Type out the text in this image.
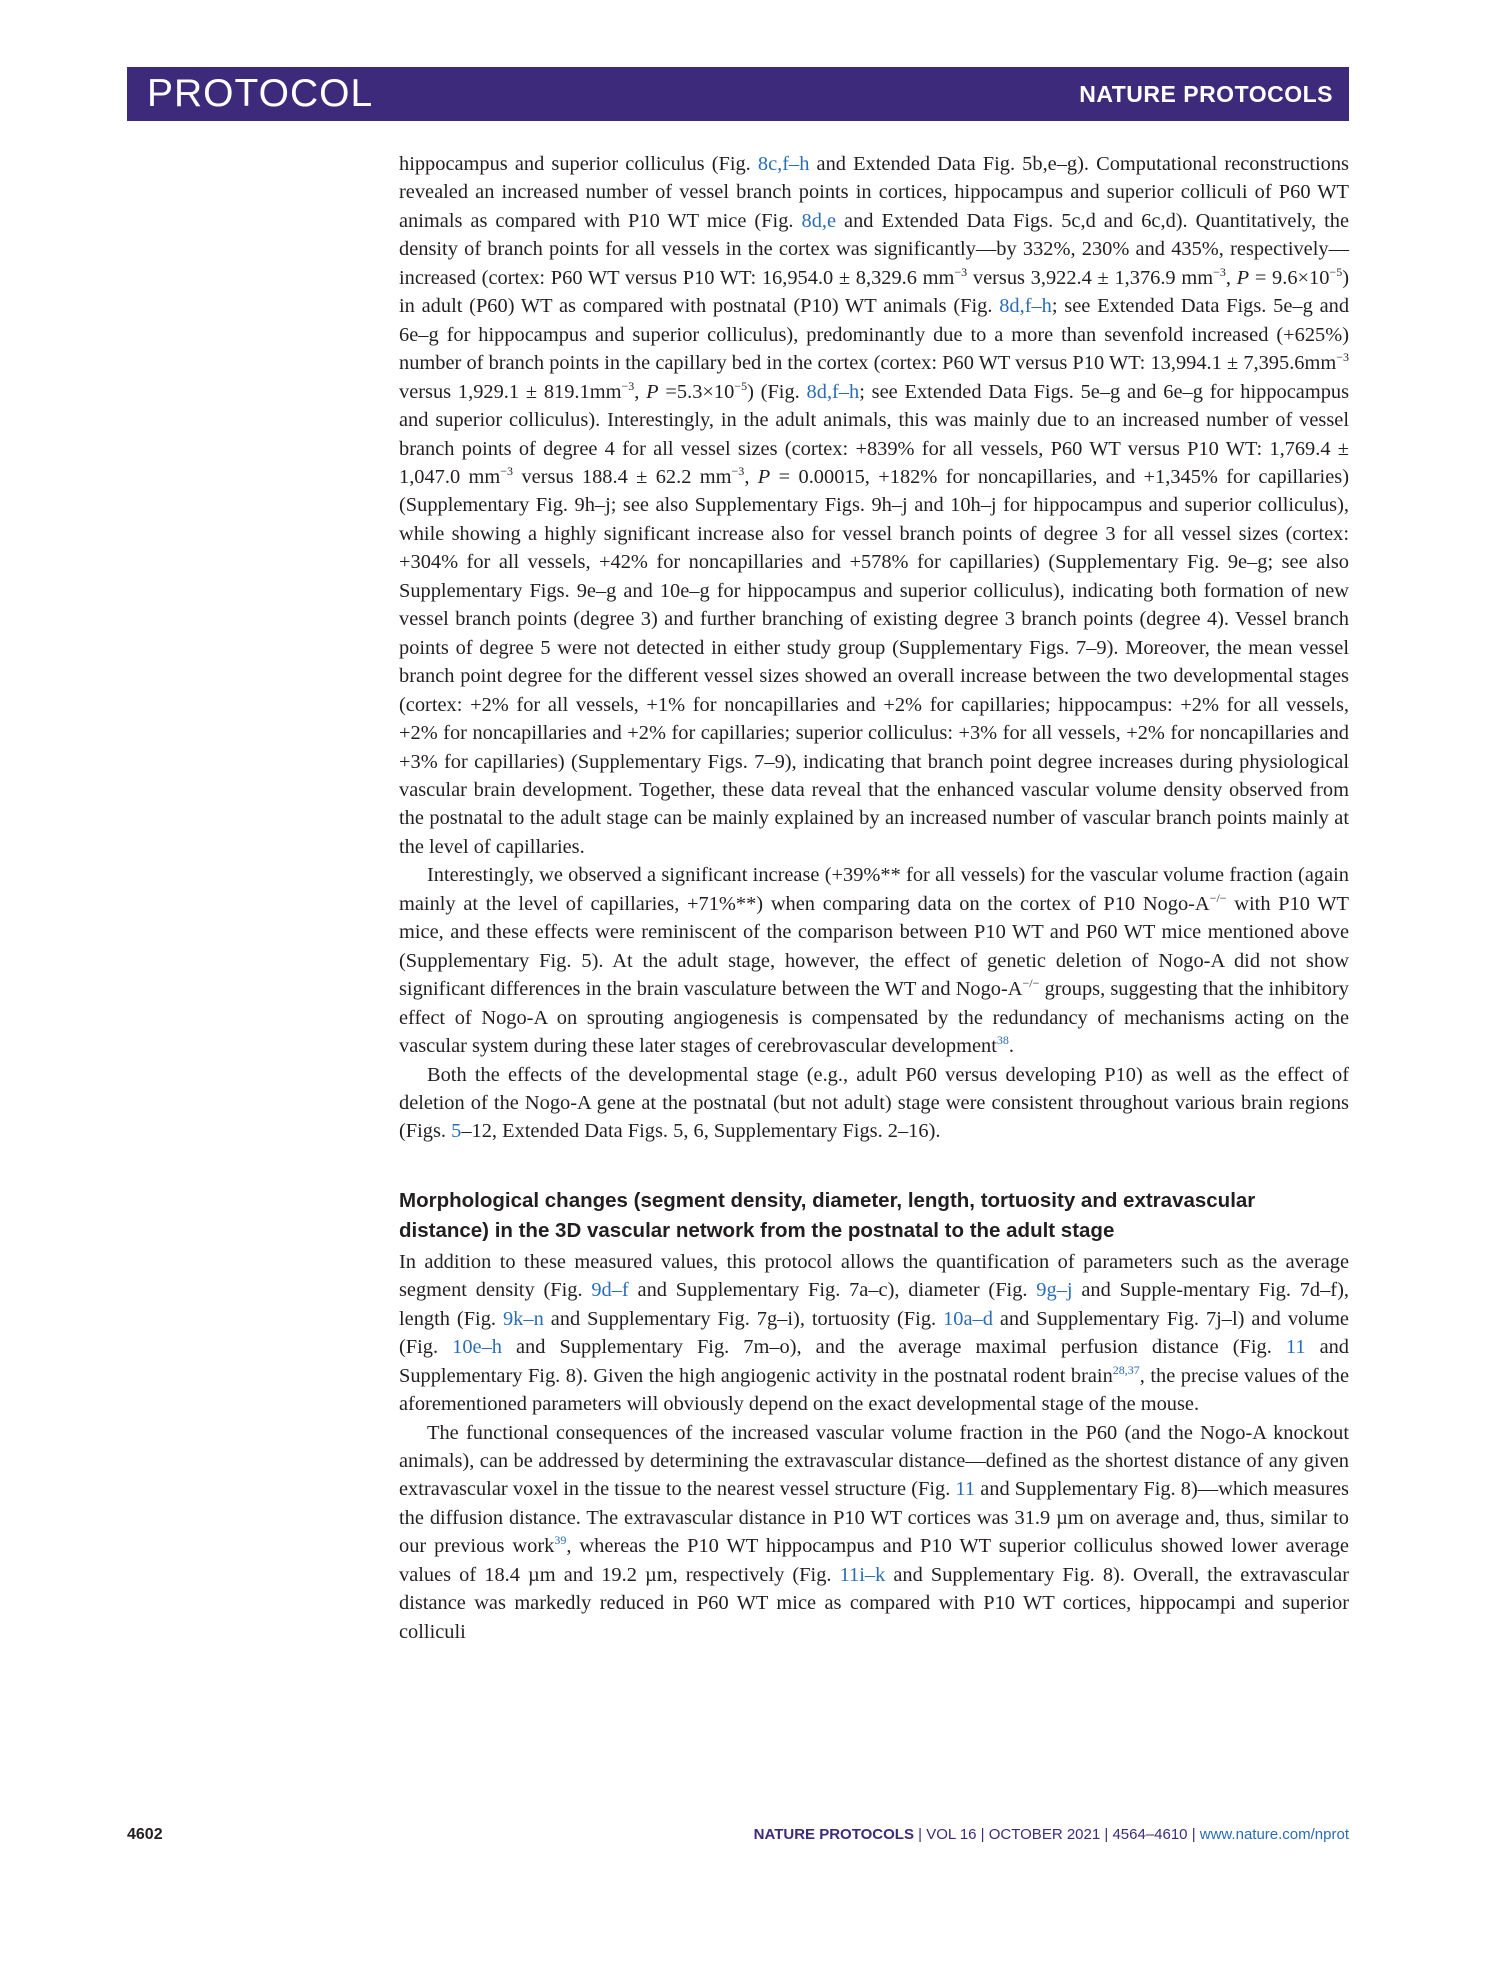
PROTOCOL	NATURE PROTOCOLS

hippocampus and superior colliculus (Fig. 8c,f–h and Extended Data Fig. 5b,e–g). Computational reconstructions revealed an increased number of vessel branch points in cortices, hippocampus and superior colliculi of P60 WT animals as compared with P10 WT mice (Fig. 8d,e and Extended Data Figs. 5c,d and 6c,d). Quantitatively, the density of branch points for all vessels in the cortex was significantly—by 332%, 230% and 435%, respectively—increased (cortex: P60 WT versus P10 WT: 16,954.0 ± 8,329.6 $mm^{-3}$ versus 3,922.4 ± 1,376.9 $mm^{-3}$, $P = 9.6\times 10^{-5}$) in adult (P60) WT as compared with postnatal (P10) WT animals (Fig. 8d,f–h; see Extended Data Figs. 5e–g and 6e–g for hippocampus and superior colliculus), predominantly due to a more than sevenfold increased (+625%) number of branch points in the capillary bed in the cortex (cortex: P60 WT versus P10 WT: $13,994.1 \pm 7,395.6mm^{-3}$ versus $1,929.1 \pm 819.1mm^{-3}$, $P =5.3\times 10^{-5}$) (Fig. 8d,f–h; see Extended Data Figs. 5e–g and 6e–g for hippocampus and superior colliculus). Interestingly, in the adult animals, this was mainly due to an increased number of vessel branch points of degree 4 for all vessel sizes (cortex: +839% for all vessels, P60 WT versus P10 WT: 1,769.4 ± 1,047.0 $mm^{-3}$ versus 188.4 ± 62.2 $mm^{-3}$, P = 0.00015, +182% for noncapillaries, and +1,345% for capillaries) (Supplementary Fig. 9h–j; see also Supplementary Figs. 9h–j and 10h–j for hippocampus and superior colliculus), while showing a highly significant increase also for vessel branch points of degree 3 for all vessel sizes (cortex: +304% for all vessels, +42% for noncapillaries and +578% for capillaries) (Supplementary Fig. 9e–g; see also Supplementary Figs. 9e–g and 10e–g for hippocampus and superior colliculus), indicating both formation of new vessel branch points (degree 3) and further branching of existing degree 3 branch points (degree 4). Vessel branch points of degree 5 were not detected in either study group (Supplementary Figs. 7–9). Moreover, the mean vessel branch point degree for the different vessel sizes showed an overall increase between the two developmental stages (cortex: +2% for all vessels, +1% for noncapillaries and +2% for capillaries; hippocampus: +2% for all vessels, +2% for noncapillaries and +2% for capillaries; superior colliculus: +3% for all vessels, +2% for noncapillaries and +3% for capillaries) (Supplementary Figs. 7–9), indicating that branch point degree increases during physiological vascular brain development. Together, these data reveal that the enhanced vascular volume density observed from the postnatal to the adult stage can be mainly explained by an increased number of vascular branch points mainly at the level of capillaries.

Interestingly, we observed a significant increase (+39%** for all vessels) for the vascular volume fraction (again mainly at the level of capillaries, +71%**) when comparing data on the cortex of P10 Nogo-A−/− with P10 WT mice, and these effects were reminiscent of the comparison between P10 WT and P60 WT mice mentioned above (Supplementary Fig. 5). At the adult stage, however, the effect of genetic deletion of Nogo-A did not show significant differences in the brain vasculature between the WT and Nogo-A−/− groups, suggesting that the inhibitory effect of Nogo-A on sprouting angiogenesis is compensated by the redundancy of mechanisms acting on the vascular system during these later stages of cerebrovascular development$^{38}$.

Both the effects of the developmental stage (e.g., adult P60 versus developing P10) as well as the effect of deletion of the Nogo-A gene at the postnatal (but not adult) stage were consistent throughout various brain regions (Figs. 5–12, Extended Data Figs. 5, 6, Supplementary Figs. 2–16).

Morphological changes (segment density, diameter, length, tortuosity and extravascular distance) in the 3D vascular network from the postnatal to the adult stage

In addition to these measured values, this protocol allows the quantification of parameters such as the average segment density (Fig. 9d–f and Supplementary Fig. 7a–c), diameter (Fig. 9g–j and Supple-mentary Fig. 7d–f), length (Fig. 9k–n and Supplementary Fig. 7g–i), tortuosity (Fig. 10a–d and Supplementary Fig. 7j–l) and volume (Fig. 10e–h and Supplementary Fig. 7m–o), and the average maximal perfusion distance (Fig. 11 and Supplementary Fig. 8). Given the high angiogenic activity in the postnatal rodent brain$^{28,37}$, the precise values of the aforementioned parameters will obviously depend on the exact developmental stage of the mouse.

The functional consequences of the increased vascular volume fraction in the P60 (and the Nogo-A knockout animals), can be addressed by determining the extravascular distance—defined as the shortest distance of any given extravascular voxel in the tissue to the nearest vessel structure (Fig. 11 and Supplementary Fig. 8)—which measures the diffusion distance. The extravascular distance in P10 WT cortices was 31.9 µm on average and, thus, similar to our previous work$^{39}$, whereas the P10 WT hippocampus and P10 WT superior colliculus showed lower average values of 18.4 µm and 19.2 µm, respectively (Fig. 11i–k and Supplementary Fig. 8). Overall, the extravascular distance was markedly reduced in P60 WT mice as compared with P10 WT cortices, hippocampi and superior colliculi

4602	NATURE PROTOCOLS | VOL 16 | OCTOBER 2021 | 4564–4610 | www.nature.com/nprot
